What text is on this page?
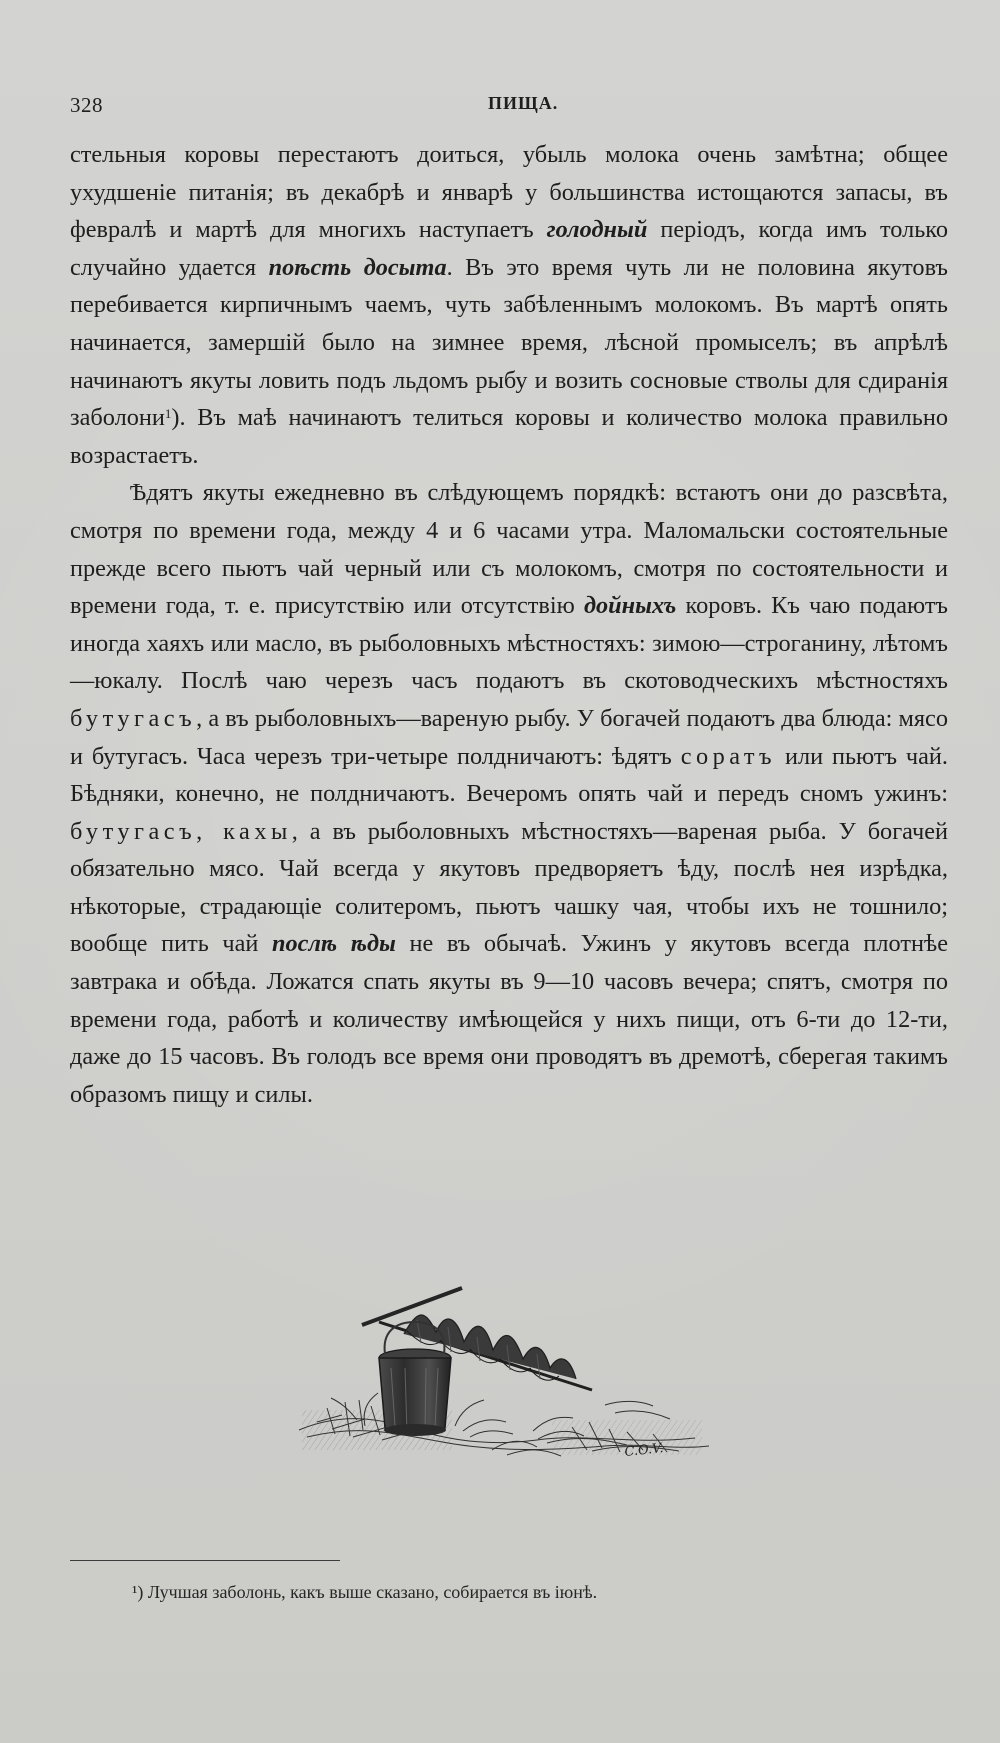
328	ПИЩА.

стельныя коровы перестаютъ доиться, убыль молока очень замѣтна; общее ухудшеніе питанія; въ декабрѣ и январѣ у большинства истощаются запасы, въ февралѣ и мартѣ для многихъ наступаетъ голодный періодъ, когда имъ только случайно удается поѣсть досыта. Въ это время чуть ли не половина якутовъ перебивается кирпичнымъ чаемъ, чуть забѣленнымъ молокомъ. Въ мартѣ опять начинается, замершій было на зимнее время, лѣсной промыселъ; въ апрѣлѣ начинаютъ якуты ловить подъ льдомъ рыбу и возить сосновые стволы для сдиранія заболони$^1$). Въ маѣ начинаютъ телиться коровы и количество молока правильно возрастаетъ.

Ѣдятъ якуты ежедневно въ слѣдующемъ порядкѣ: встаютъ они до разсвѣта, смотря по времени года, между 4 и 6 часами утра. Маломальски состоятельные прежде всего пьютъ чай черный или съ молокомъ, смотря по состоятельности и времени года, т. е. присутствію или отсутствію дойныхъ коровъ. Къ чаю подаютъ иногда хаяхъ или масло, въ рыболовныхъ мѣстностяхъ: зимою—строганину, лѣтомъ—юкалу. Послѣ чаю черезъ часъ подаютъ въ скотоводческихъ мѣстностяхъ бутугасъ, а въ рыболовныхъ—вареную рыбу. У богачей подаютъ два блюда: мясо и бутугасъ. Часа черезъ три-четыре полдничаютъ: ѣдятъ соратъ или пьютъ чай. Бѣдняки, конечно, не полдничаютъ. Вечеромъ опять чай и передъ сномъ ужинъ: бутугасъ, кахы, а въ рыболовныхъ мѣстностяхъ—вареная рыба. У богачей обязательно мясо. Чай всегда у якутовъ предворяетъ ѣду, послѣ нея изрѣдка, нѣкоторые, страдающіе солитеромъ, пьютъ чашку чая, чтобы ихъ не тошнило; вообще пить чай послѣ ѣды не въ обычаѣ. Ужинъ у якутовъ всегда плотнѣе завтрака и обѣда. Ложатся спать якуты въ 9—10 часовъ вечера; спятъ, смотря по времени года, работѣ и количеству имѣющейся у нихъ пищи, отъ 6-ти до 12-ти, даже до 15 часовъ. Въ голодъ все время они проводятъ въ дремотѣ, сберегая такимъ образомъ пищу и силы.

C.O.V.
¹) Лучшая заболонь, какъ выше сказано, собирается въ іюнѣ.
